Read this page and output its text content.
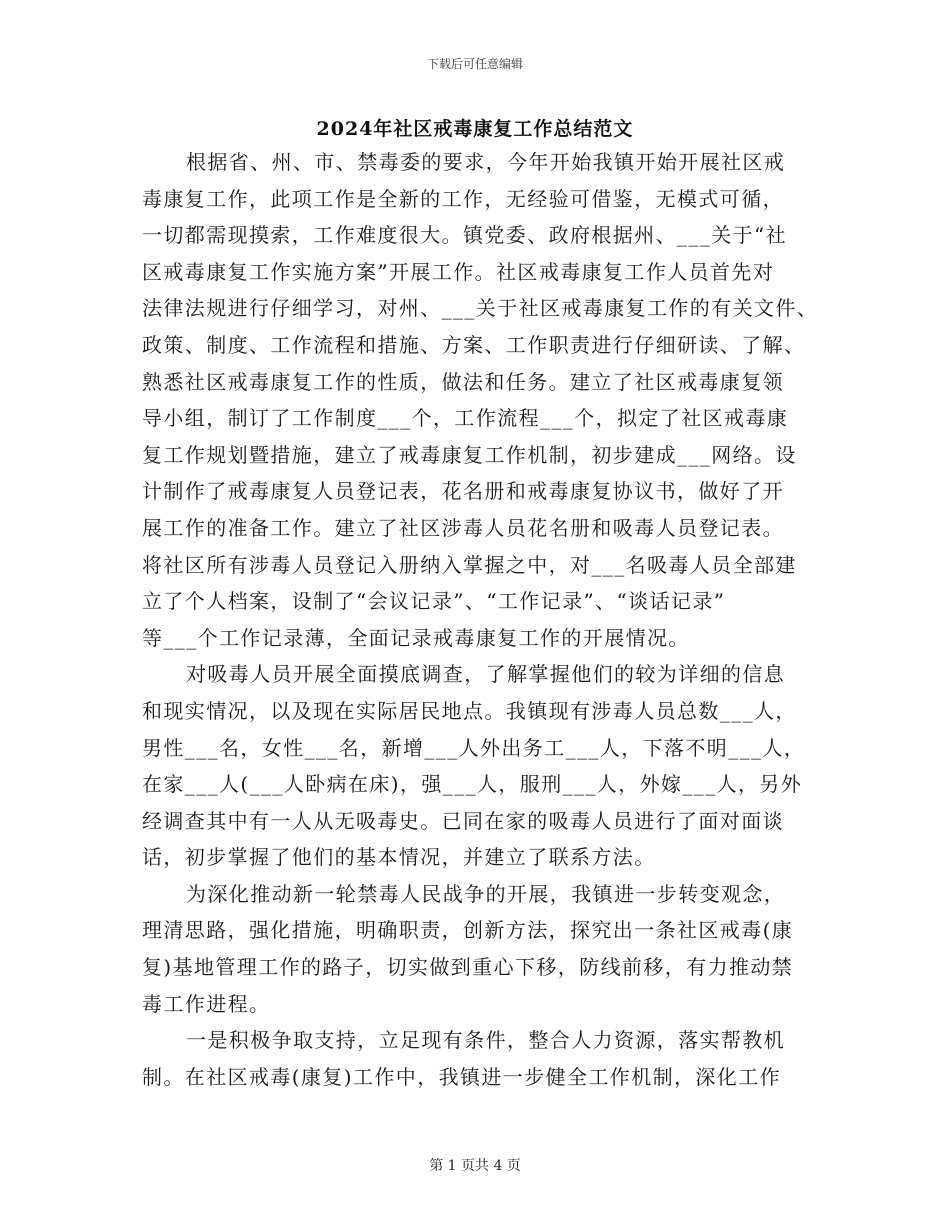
下载后可任意编辑
2024年社区戒毒康复工作总结范文
根据省、州、市、禁毒委的要求，今年开始我镇开始开展社区戒
毒康复工作，此项工作是全新的工作，无经验可借鉴，无模式可循，
一切都需现摸索，工作难度很大。镇党委、政府根据州、___关于“社
区戒毒康复工作实施方案”开展工作。社区戒毒康复工作人员首先对
法律法规进行仔细学习，对州、___关于社区戒毒康复工作的有关文件、
政策、制度、工作流程和措施、方案、工作职责进行仔细研读、了解、
熟悉社区戒毒康复工作的性质，做法和任务。建立了社区戒毒康复领
导小组，制订了工作制度___个，工作流程___个，拟定了社区戒毒康
复工作规划暨措施，建立了戒毒康复工作机制，初步建成___网络。设
计制作了戒毒康复人员登记表，花名册和戒毒康复协议书，做好了开
展工作的准备工作。建立了社区涉毒人员花名册和吸毒人员登记表。
将社区所有涉毒人员登记入册纳入掌握之中，对___名吸毒人员全部建
立了个人档案，设制了“会议记录”、“工作记录”、“谈话记录”
等___个工作记录薄，全面记录戒毒康复工作的开展情况。
对吸毒人员开展全面摸底调查，了解掌握他们的较为详细的信息
和现实情况，以及现在实际居民地点。我镇现有涉毒人员总数___人，
男性___名，女性___名，新增___人外出务工___人，下落不明___人，
在家___人(___人卧病在床)，强___人，服刑___人，外嫁___人，另外
经调查其中有一人从无吸毒史。已同在家的吸毒人员进行了面对面谈
话，初步掌握了他们的基本情况，并建立了联系方法。
为深化推动新一轮禁毒人民战争的开展，我镇进一步转变观念，
理清思路，强化措施，明确职责，创新方法，探究出一条社区戒毒(康
复)基地管理工作的路子，切实做到重心下移，防线前移，有力推动禁
毒工作进程。
一是积极争取支持，立足现有条件，整合人力资源，落实帮教机
制。在社区戒毒(康复)工作中，我镇进一步健全工作机制，深化工作
第 1 页共 4 页
